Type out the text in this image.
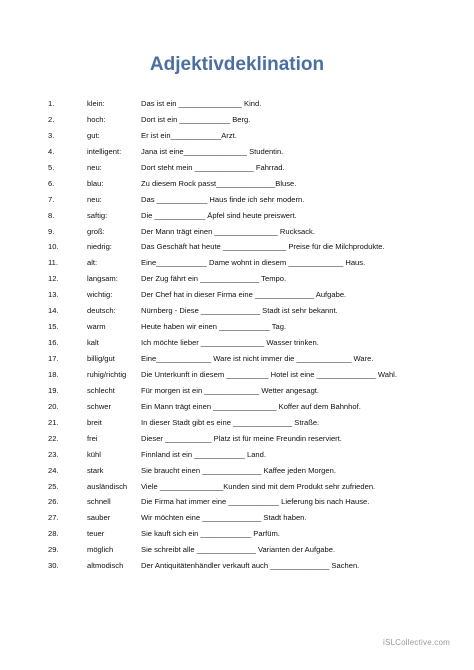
Adjektivdeklination
1.	klein:	Das ist ein _______________ Kind.
2.	hoch:	Dort ist ein ____________ Berg.
3.	gut:	Er ist ein____________Arzt.
4.	intelligent:	Jana ist eine_______________ Studentin.
5.	neu:	Dort steht mein ______________ Fahrrad.
6.	blau:	Zu diesem Rock passt______________Bluse.
7.	neu:	Das ____________ Haus finde ich sehr modern.
8.	saftig:	Die ____________ Äpfel sind heute preiswert.
9.	groß:	Der Mann trägt einen _______________ Rucksack.
10.	niedrig:	Das Geschäft hat heute _______________ Preise für die Milchprodukte.
11.	alt:	Eine____________ Dame wohnt in diesem _____________ Haus.
12.	langsam:	Der Zug fährt ein ______________ Tempo.
13.	wichtig:	Der Chef hat in dieser Firma eine ______________ Aufgabe.
14.	deutsch:	Nürnberg - Diese ______________ Stadt ist sehr bekannt.
15.	warm	Heute haben wir einen ____________ Tag.
16.	kalt	Ich möchte lieber _______________ Wasser trinken.
17.	billig/gut	Eine_____________ Ware ist nicht immer die _____________ Ware.
18.	ruhig/richtig	Die Unterkunft in diesem __________ Hotel ist eine ______________ Wahl.
19.	schlecht	Für morgen ist ein _____________ Wetter angesagt.
20.	schwer	Ein Mann trägt einen _______________ Koffer auf dem Bahnhof.
21.	breit	In dieser Stadt gibt es eine ______________ Straße.
22.	frei	Dieser ___________ Platz ist für meine Freundin reserviert.
23.	kühl	Finnland ist ein ____________ Land.
24.	stark	Sie braucht einen ______________ Kaffee jeden Morgen.
25.	ausländisch	Viele _______________Kunden sind mit dem Produkt sehr zufrieden.
26.	schnell	Die Firma hat immer eine ____________ Lieferung bis nach Hause.
27.	sauber	Wir möchten eine ______________ Stadt haben.
28.	teuer	Sie kauft sich ein ____________ Parfüm.
29.	möglich	Sie schreibt alle ______________ Varianten der Aufgabe.
30.	altmodisch	Der Antiquitätenhändler verkauft auch ______________ Sachen.
iSLCollective.com
